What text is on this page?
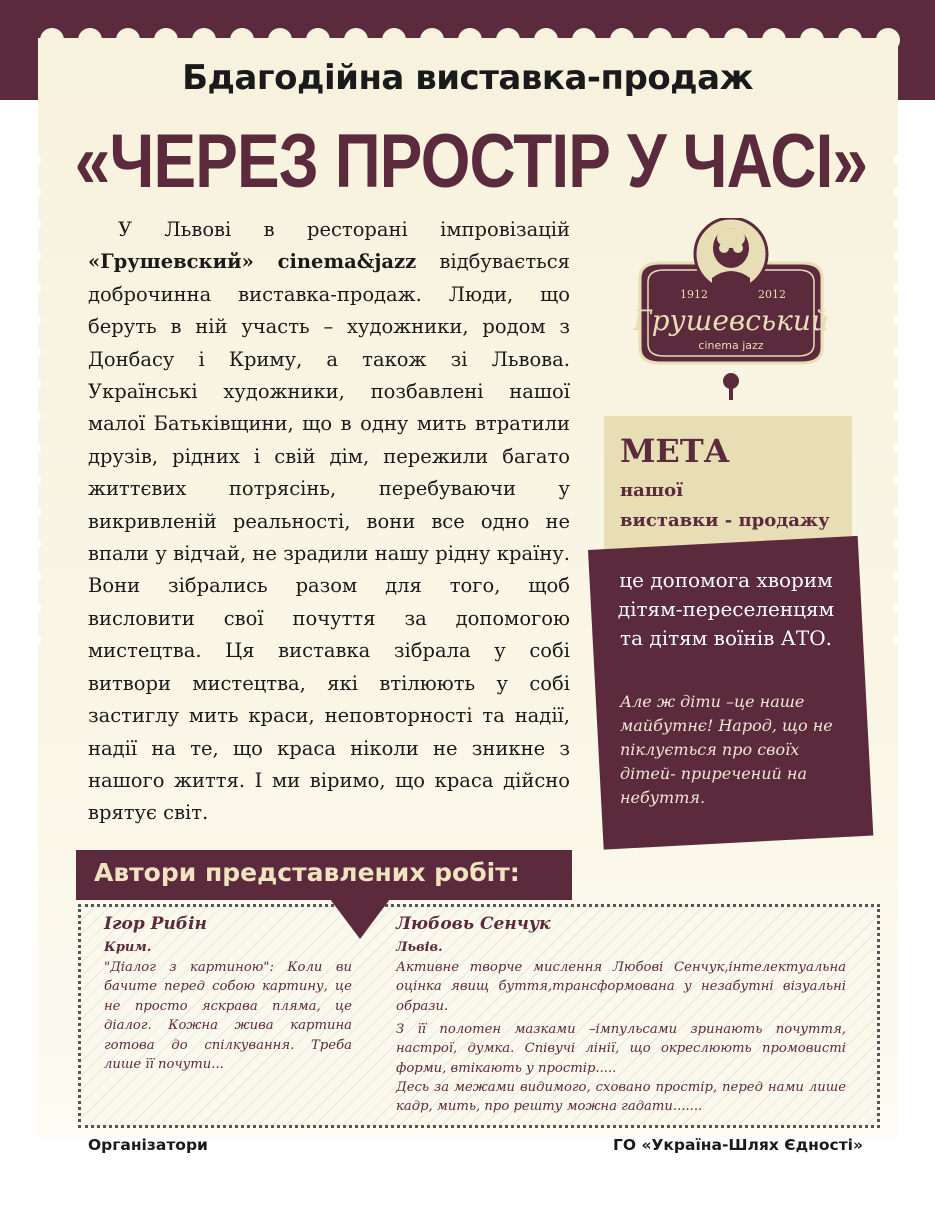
Бдагодійна виставка-продаж
«ЧЕРЕЗ ПРОСТІР У ЧАСІ»
У Львові в ресторані імпровізацій «Грушевский» cinema&jazz відбувається доброчинна виставка-продаж. Люди, що беруть в ній участь – художники, родом з Донбасу і Криму, а також зі Львова. Українські художники, позбавлені нашої малої Батьківщини, що в одну мить втратили друзів, рідних і свій дім, пережили багато життєвих потрясінь, перебуваючи у викривленій реальності, вони все одно не впали у відчай, не зрадили нашу рідну країну. Вони зібрались разом для того, щоб висловити свої почуття за допомогою мистецтва. Ця виставка зібрала у собі витвори мистецтва, які втілюють у собі застиглу мить краси, неповторності та надії, надії на те, що краса ніколи не зникне з нашого життя. І ми віримо, що краса дійсно врятує світ.
1912	2012
Грушевський
cinema jazz
МЕТА
нашої
виставки - продажу
це допомога хворим дітям-переселенцям та дітям воїнів АТО.
Але ж діти –це наше майбутнє! Народ, що не піклується про своїх дітей- приречений на небуття.
Автори представлених робіт:
Ігор Рибін
Крим.
"Діалог з картиною": Коли ви бачите перед собою картину, це не просто яскрава пляма, це діалог. Кожна жива картина готова до спілкування. Треба лише її почути...
Любовь Сенчук
Львів.
Активне творче мислення Любові Сенчук,інтелектуальна оцінка явищ буття,трансформована у незабутні візуальні образи.
З її полотен мазками –імпульсами зринають почуття, настрої, думка. Співучі лінії, що окреслюють промовисті форми, втікають у простір.....
Десь за межами видимого, сховано простір, перед нами лише кадр, мить, про решту можна гадати.......
Організатори	ГО «Україна-Шлях Єдності»
